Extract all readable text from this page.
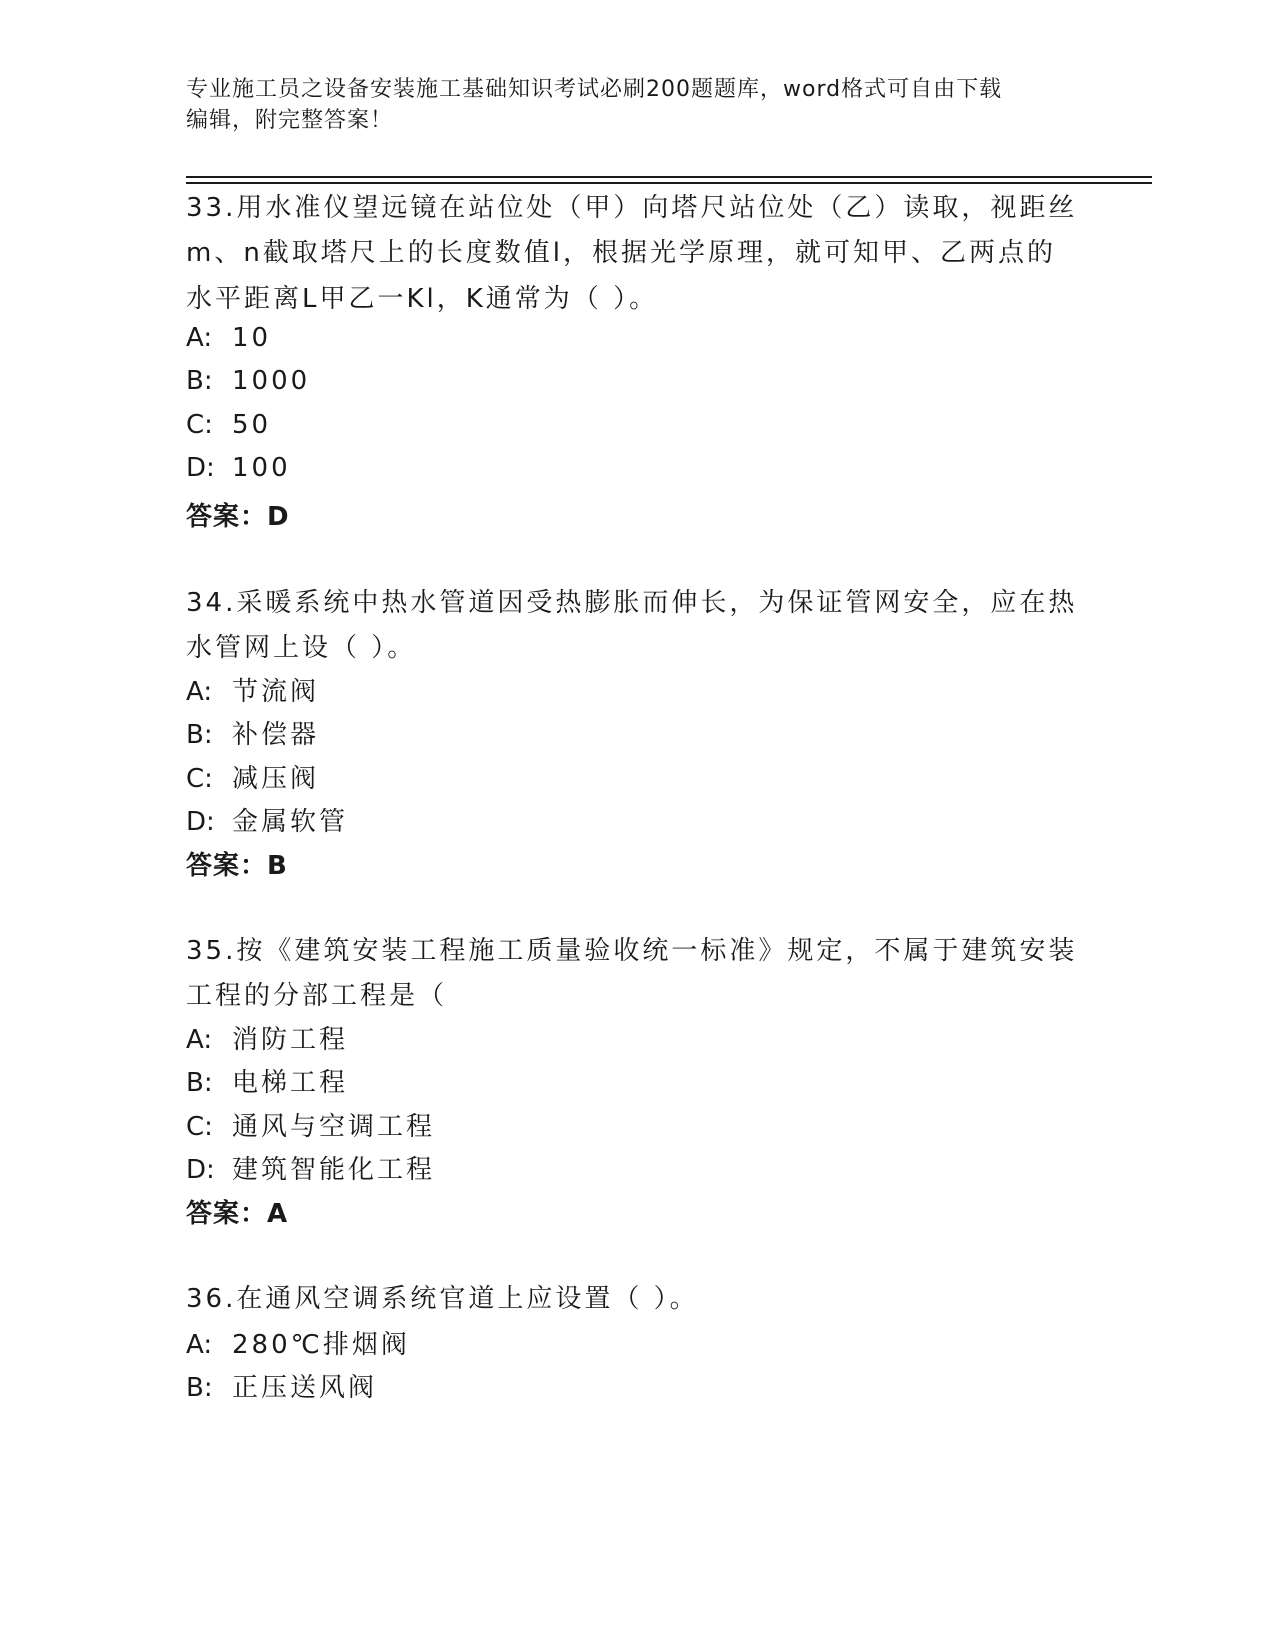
专业施工员之设备安装施工基础知识考试必刷200题题库，word格式可自由下载
编辑，附完整答案！
33.用水准仪望远镜在站位处（甲）向塔尺站位处（乙）读取，视距丝
m、n截取塔尺上的长度数值l，根据光学原理，就可知甲、乙两点的
水平距离L甲乙一Kl，K通常为（ ）。
A: 10
B: 1000
C: 50
D: 100
答案：D
34.采暖系统中热水管道因受热膨胀而伸长，为保证管网安全，应在热
水管网上设（ ）。
A: 节流阀
B: 补偿器
C: 减压阀
D: 金属软管
答案：B
35.按《建筑安装工程施工质量验收统一标准》规定，不属于建筑安装
工程的分部工程是（
A: 消防工程
B: 电梯工程
C: 通风与空调工程
D: 建筑智能化工程
答案：A
36.在通风空调系统官道上应设置（ ）。
A: 280℃排烟阀
B: 正压送风阀
